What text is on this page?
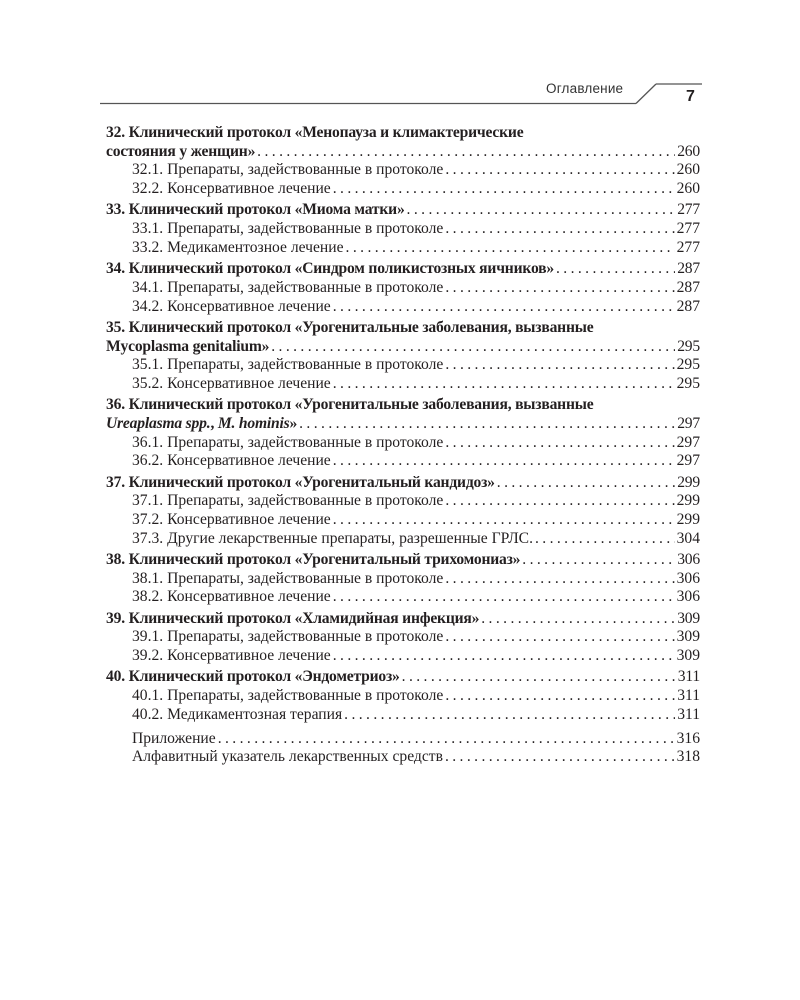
Оглавление	7
32. Клинический протокол «Менопауза и климактерические
состояния у женщин» . . .	260
32.1. Препараты, задействованные в протоколе . . .	260
32.2. Консервативное лечение . . .	260
33. Клинический протокол «Миома матки» . . .	277
33.1. Препараты, задействованные в протоколе . . .	277
33.2. Медикаментозное лечение . . .	277
34. Клинический протокол «Синдром поликистозных яичников» . . .	287
34.1. Препараты, задействованные в протоколе . . .	287
34.2. Консервативное лечение . . .	287
35. Клинический протокол «Урогенитальные заболевания, вызванные
Mycoplasma genitalium» . . .	295
35.1. Препараты, задействованные в протоколе . . .	295
35.2. Консервативное лечение . . .	295
36. Клинический протокол «Урогенитальные заболевания, вызванные
Ureaplasma spp., M. hominis» . . .	297
36.1. Препараты, задействованные в протоколе . . .	297
36.2. Консервативное лечение . . .	297
37. Клинический протокол «Урогенитальный кандидоз» . . .	299
37.1. Препараты, задействованные в протоколе . . .	299
37.2. Консервативное лечение . . .	299
37.3. Другие лекарственные препараты, разрешенные ГРЛС. . . .	304
38. Клинический протокол «Урогенитальный трихомониаз» . . .	306
38.1. Препараты, задействованные в протоколе . . .	306
38.2. Консервативное лечение . . .	306
39. Клинический протокол «Хламидийная инфекция» . . .	309
39.1. Препараты, задействованные в протоколе . . .	309
39.2. Консервативное лечение . . .	309
40. Клинический протокол «Эндометриоз» . . .	311
40.1. Препараты, задействованные в протоколе . . .	311
40.2. Медикаментозная терапия . . .	311
Приложение . . .	316
Алфавитный указатель лекарственных средств . . .	318
